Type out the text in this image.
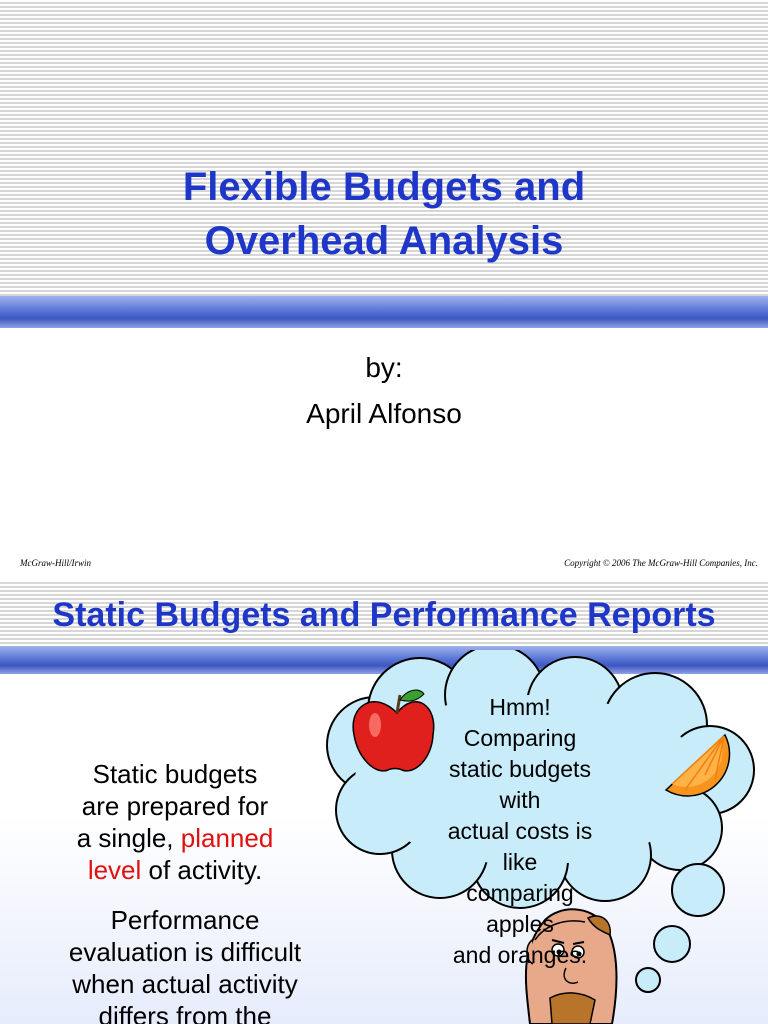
Flexible Budgets and
Overhead Analysis
by:
April Alfonso
McGraw-Hill/Irwin	Copyright © 2006 The McGraw-Hill Companies, Inc.
Static Budgets and Performance Reports
Static budgets
are prepared for
a single, planned
level of activity.
Performance
evaluation is difficult
when actual activity
differs from the
Hmm! Comparing
static budgets with
actual costs is like
comparing apples
and oranges.
